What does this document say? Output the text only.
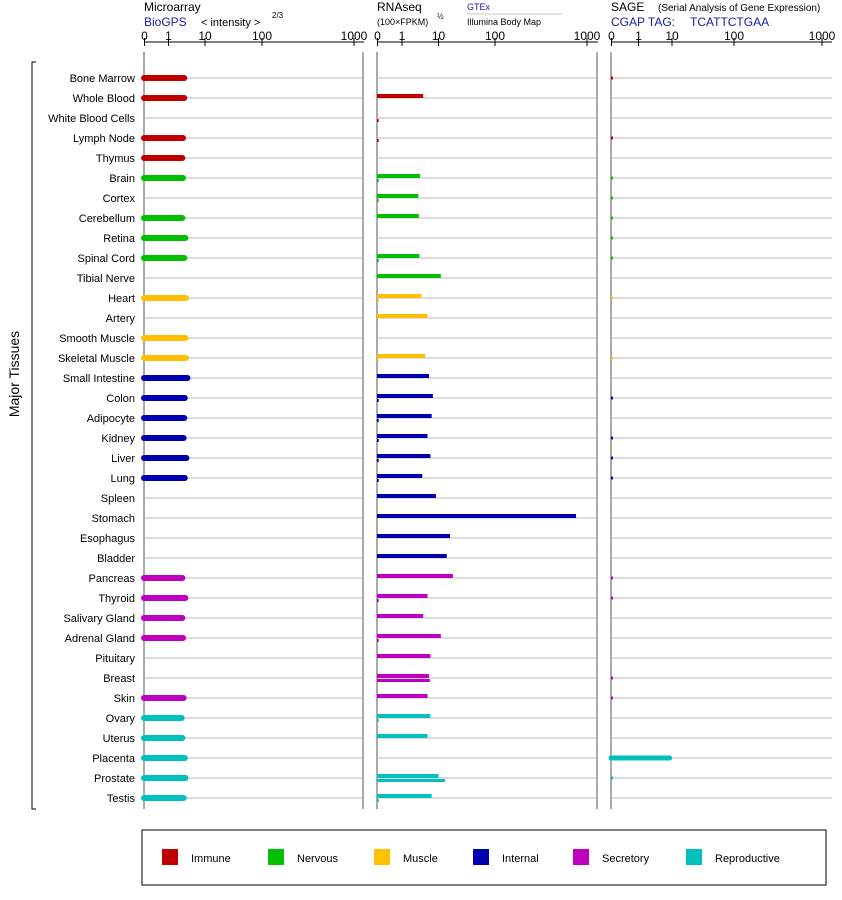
Microarray
BioGPS < intensity >
2/3
RNAseq
(100×FPKM)
½
GTEx
Illumina Body Map
SAGE (Serial Analysis of Gene Expression)
CGAP TAG: TCATTCTGAA
0 1 10	100	1000 0 1 10	100	1000 0 1 10	100	1000
Bone Marrow
Whole Blood
White Blood Cells
Lymph Node
Thymus
Brain
Cortex
Cerebellum
Retina
Spinal Cord
Tibial Nerve
Heart
Artery
Smooth Muscle
Skeletal Muscle
Small Intestine
Colon
Adipocyte
Kidney
Liver
Lung
Spleen
Stomach
Esophagus
Bladder
Pancreas
Thyroid
Salivary Gland
Adrenal Gland
Pituitary
Breast
Skin
Ovary
Uterus
Placenta
Prostate
Testis
Major Tissues
Immune	Nervous	Muscle	Internal	Secretory	Reproductive
